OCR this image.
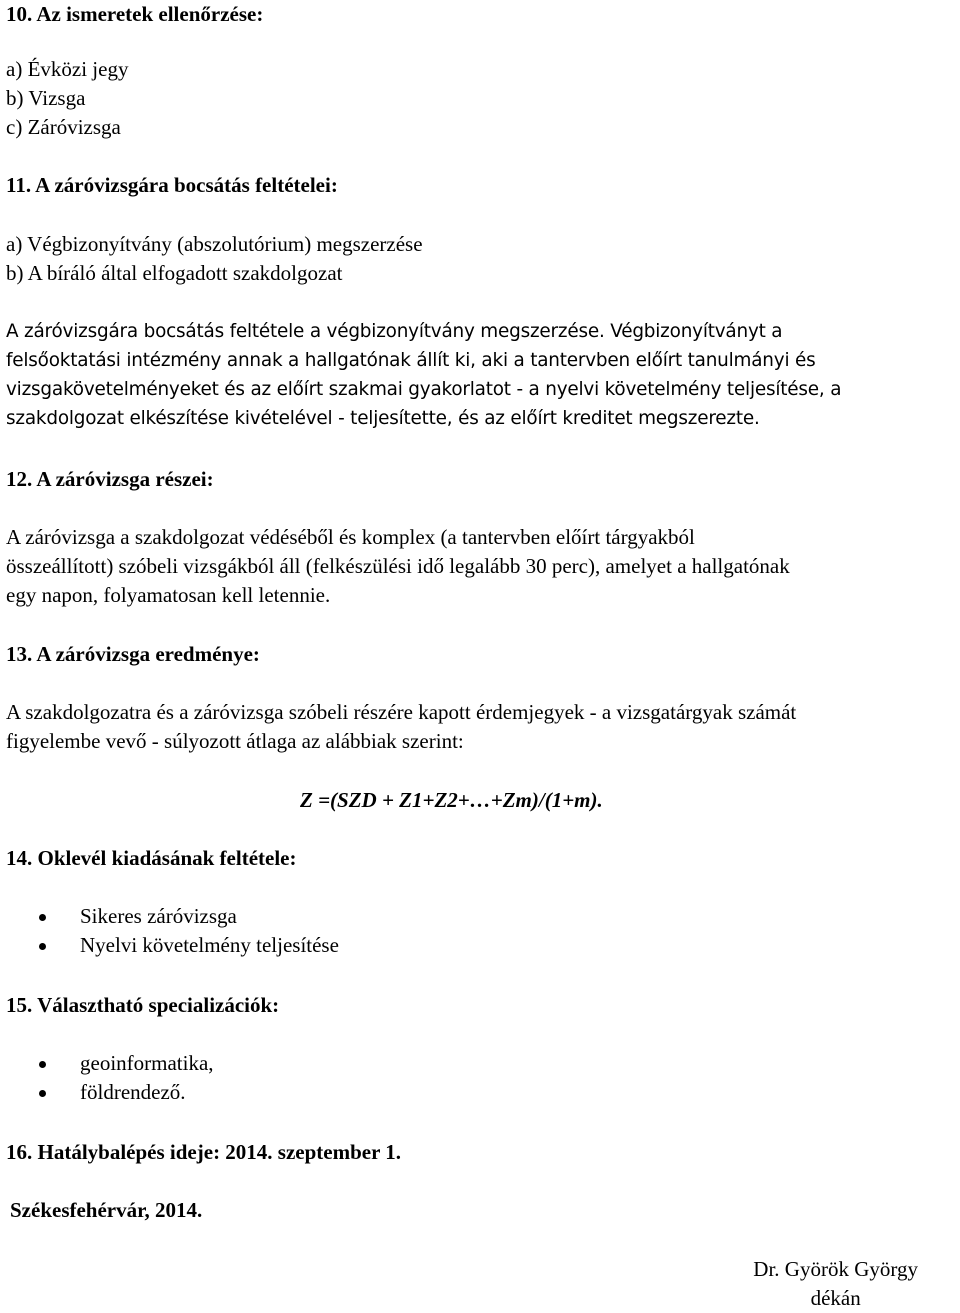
10. Az ismeretek ellenőrzése:
a) Évközi jegy
b) Vizsga
c) Záróvizsga
11. A záróvizsgára bocsátás feltételei:
a) Végbizonyítvány (abszolutórium) megszerzése
b) A bíráló által elfogadott szakdolgozat
A záróvizsgára bocsátás feltétele a végbizonyítvány megszerzése. Végbizonyítványt a
felsőoktatási intézmény annak a hallgatónak állít ki, aki a tantervben előírt tanulmányi és
vizsgakövetelményeket és az előírt szakmai gyakorlatot - a nyelvi követelmény teljesítése, a
szakdolgozat elkészítése kivételével - teljesítette, és az előírt kreditet megszerezte.
12. A záróvizsga részei:
A záróvizsga a szakdolgozat védéséből és komplex (a tantervben előírt tárgyakból
összeállított) szóbeli vizsgákból áll (felkészülési idő legalább 30 perc), amelyet a hallgatónak
egy napon, folyamatosan kell letennie.
13. A záróvizsga eredménye:
A szakdolgozatra és a záróvizsga szóbeli részére kapott érdemjegyek - a vizsgatárgyak számát
figyelembe vevő - súlyozott átlaga az alábbiak szerint:
Z =(SZD + Z1+Z2+…+Zm)/(1+m).
14. Oklevél kiadásának feltétele:
Sikeres záróvizsga
Nyelvi követelmény teljesítése
15. Választható specializációk:
geoinformatika,
földrendező.
16. Hatálybalépés ideje: 2014. szeptember 1.
Székesfehérvár, 2014.
Dr. Györök György
dékán
